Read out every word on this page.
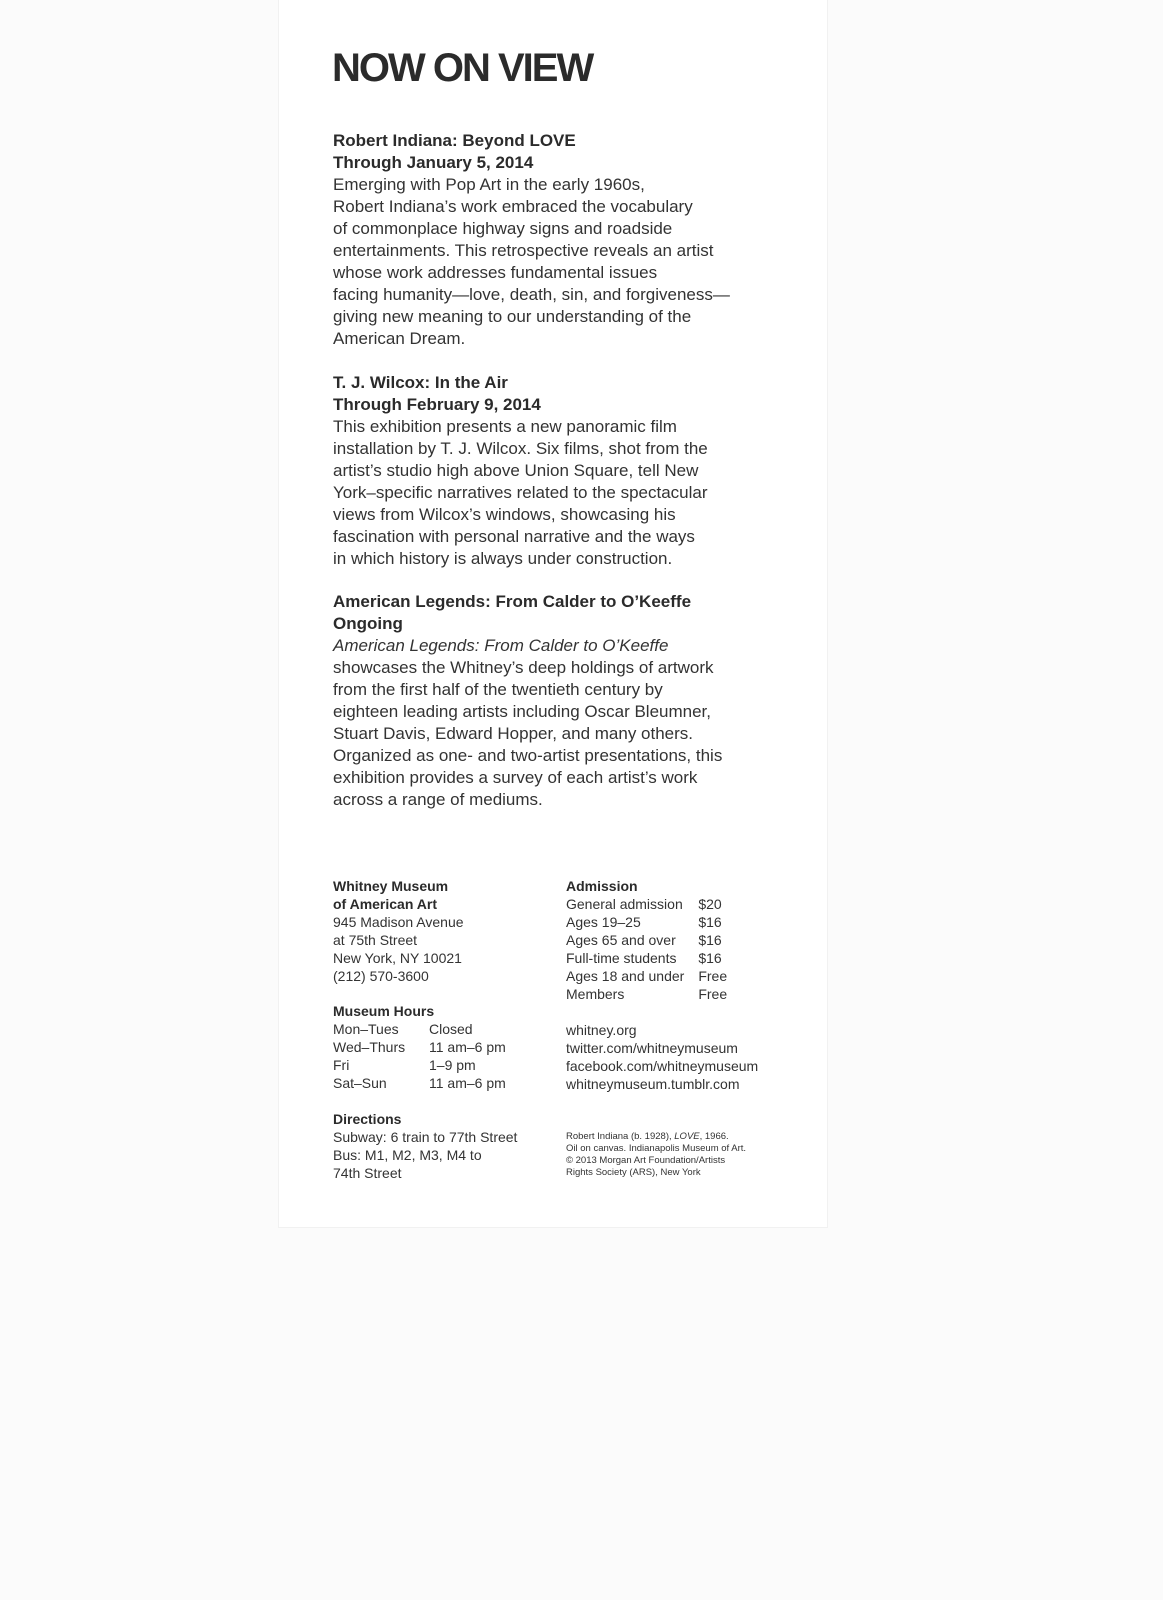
NOW ON VIEW
Robert Indiana: Beyond LOVE
Through January 5, 2014

Emerging with Pop Art in the early 1960s,
Robert Indiana’s work embraced the vocabulary
of commonplace highway signs and roadside
entertainments. This retrospective reveals an artist
whose work addresses fundamental issues
facing humanity—love, death, sin, and forgiveness—
giving new meaning to our understanding of the
American Dream.

T. J. Wilcox: In the Air
Through February 9, 2014

This exhibition presents a new panoramic film
installation by T. J. Wilcox. Six films, shot from the
artist’s studio high above Union Square, tell New
York–specific narratives related to the spectacular
views from Wilcox’s windows, showcasing his
fascination with personal narrative and the ways
in which history is always under construction.

American Legends: From Calder to O’Keeffe
Ongoing

American Legends: From Calder to O’Keeffe
showcases the Whitney’s deep holdings of artwork
from the first half of the twentieth century by
eighteen leading artists including Oscar Bleumner,
Stuart Davis, Edward Hopper, and many others.
Organized as one- and two-artist presentations, this
exhibition provides a survey of each artist’s work
across a range of mediums.

Whitney Museum
of American Art
945 Madison Avenue
at 75th Street
New York, NY 10021
(212) 570-3600
Museum Hours
Mon–Tues	Closed
Wed–Thurs	11 am–6 pm
Fri	1–9 pm
Sat–Sun	11 am–6 pm
Directions
Subway: 6 train to 77th Street
Bus: M1, M2, M3, M4 to
74th Street
Admission
General admission	$20
Ages 19–25	$16
Ages 65 and over	$16
Full-time students	$16
Ages 18 and under	Free
Members	Free
whitney.org
twitter.com/whitneymuseum
facebook.com/whitneymuseum
whitneymuseum.tumblr.com
Robert Indiana (b. 1928), LOVE, 1966.
Oil on canvas. Indianapolis Museum of Art.
© 2013 Morgan Art Foundation/Artists
Rights Society (ARS), New York
